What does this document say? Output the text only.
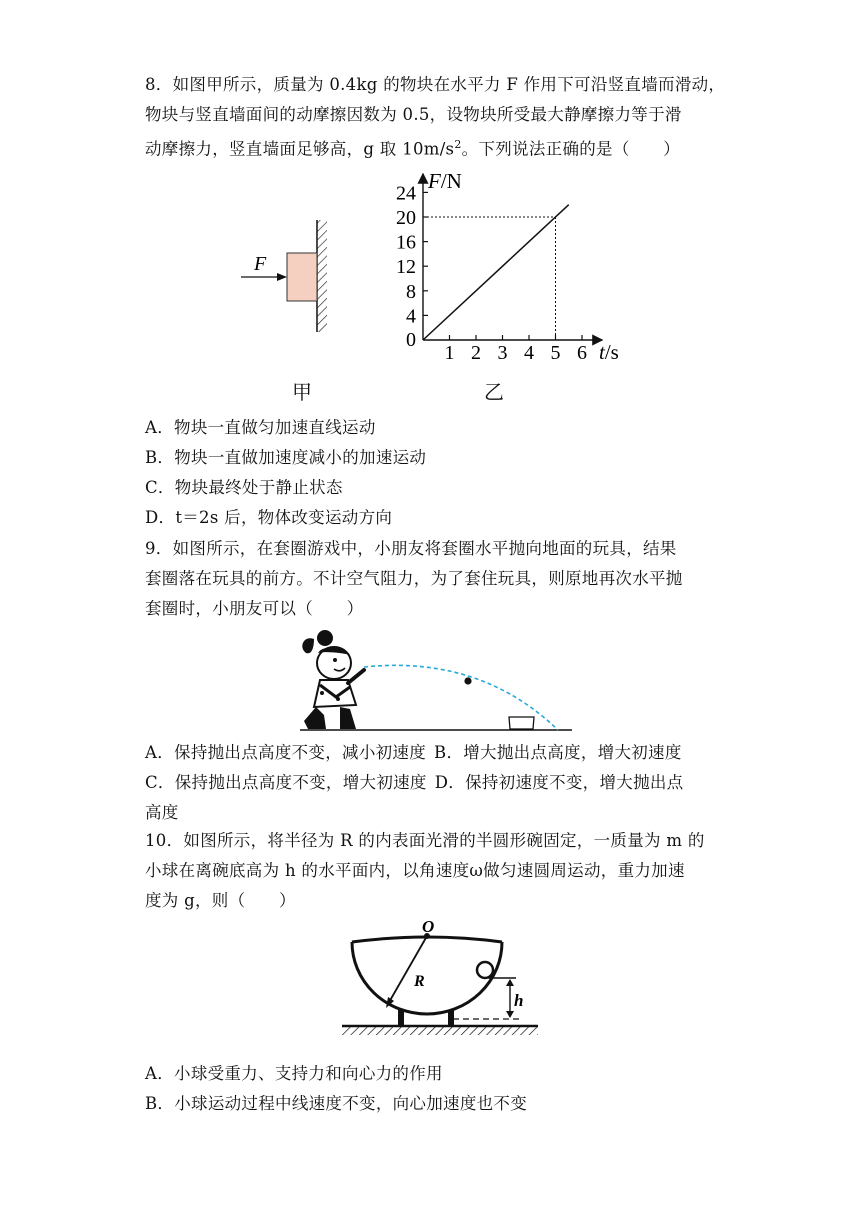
8．如图甲所示，质量为 0.4kg 的物块在水平力 F 作用下可沿竖直墙而滑动，
物块与竖直墙面间的动摩擦因数为 0.5，设物块所受最大静摩擦力等于滑
动摩擦力，竖直墙面足够高，g 取 $10m/s^2$。下列说法正确的是（　　）
F
甲
0
4
8
12
16
20
24
1 2 3 4 5 6
F/N
t/s
乙
A．物块一直做匀加速直线运动
B．物块一直做加速度减小的加速运动
C．物块最终处于静止状态
D．t＝2s 后，物体改变运动方向
9．如图所示，在套圈游戏中，小朋友将套圈水平抛向地面的玩具，结果
套圈落在玩具的前方。不计空气阻力，为了套住玩具，则原地再次水平抛
套圈时，小朋友可以（　　）
A．保持抛出点高度不变，减小初速度 B．增大抛出点高度，增大初速度
C．保持抛出点高度不变，增大初速度 D．保持初速度不变，增大抛出点
高度
10．如图所示，将半径为 R 的内表面光滑的半圆形碗固定，一质量为 m 的
小球在离碗底高为 h 的水平面内，以角速度ω做匀速圆周运动，重力加速
度为 g，则（　　）
O
R
h
A．小球受重力、支持力和向心力的作用
B．小球运动过程中线速度不变，向心加速度也不变
